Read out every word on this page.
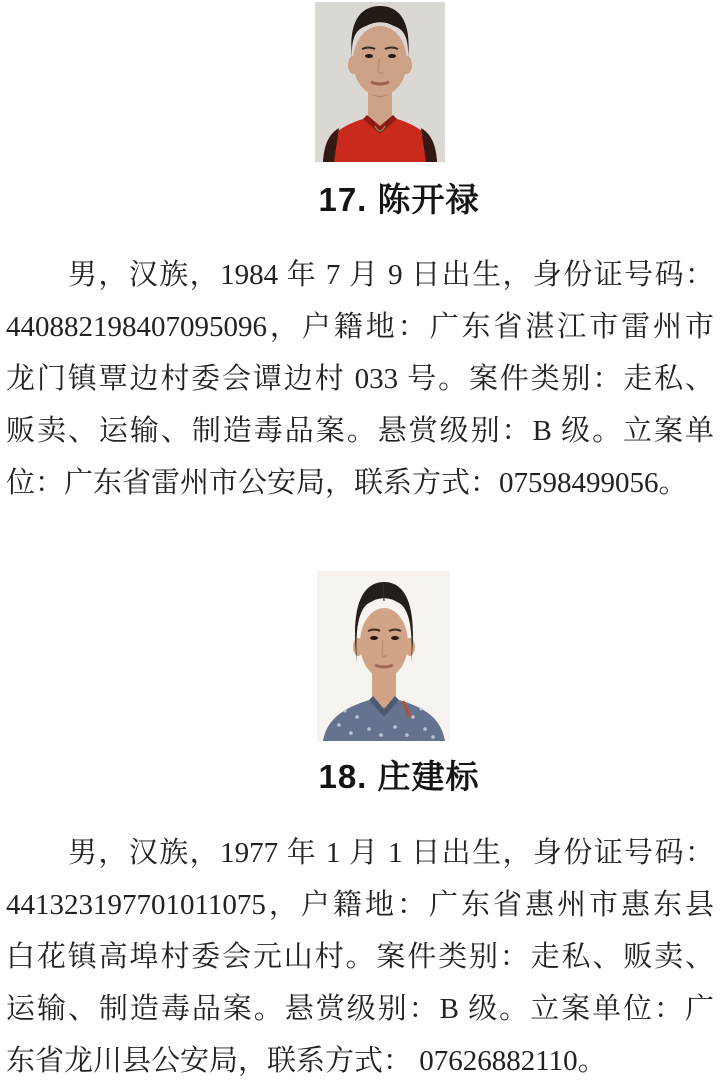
17. 陈开禄
男，汉族，1984 年 7 月 9 日出生，身份证号码：
440882198407095096，户籍地：广东省湛江市雷州市
龙门镇覃边村委会谭边村 033 号。案件类别：走私、
贩卖、运输、制造毒品案。悬赏级别：B 级。立案单
位：广东省雷州市公安局，联系方式：07598499056。
18. 庄建标
男，汉族，1977 年 1 月 1 日出生，身份证号码：
441323197701011075，户籍地：广东省惠州市惠东县
白花镇高埠村委会元山村。案件类别：走私、贩卖、
运输、制造毒品案。悬赏级别：B 级。立案单位：广
东省龙川县公安局，联系方式： 07626882110。
